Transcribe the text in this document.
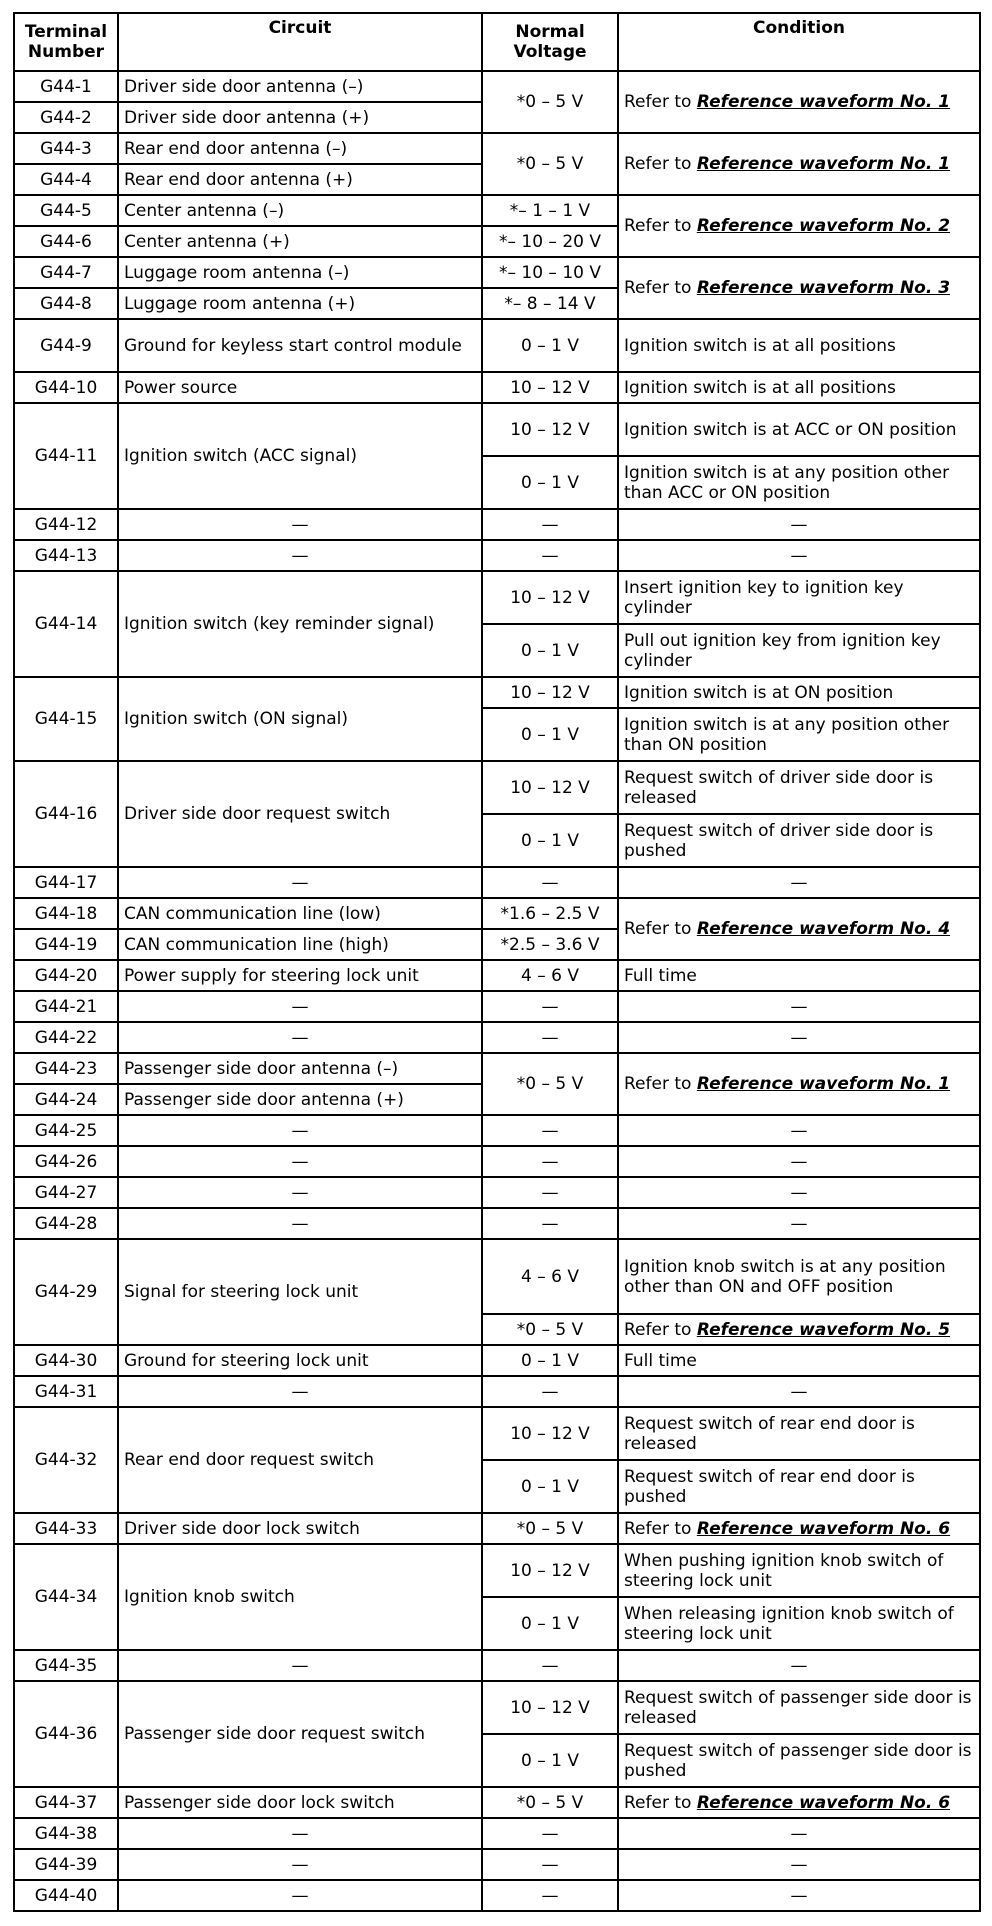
Terminal Number	Circuit	Normal Voltage	Condition
G44-1	Driver side door antenna (–)	*0 – 5 V	Refer to Reference waveform No. 1
G44-2	Driver side door antenna (+)		
G44-3	Rear end door antenna (–)	*0 – 5 V	Refer to Reference waveform No. 1
G44-4	Rear end door antenna (+)		
G44-5	Center antenna (–)	*– 1 – 1 V	Refer to Reference waveform No. 2
G44-6	Center antenna (+)	*– 10 – 20 V	
G44-7	Luggage room antenna (–)	*– 10 – 10 V	Refer to Reference waveform No. 3
G44-8	Luggage room antenna (+)	*– 8 – 14 V	
G44-9	Ground for keyless start control module	0 – 1 V	Ignition switch is at all positions
G44-10	Power source	10 – 12 V	Ignition switch is at all positions
G44-11	Ignition switch (ACC signal)	10 – 12 V	Ignition switch is at ACC or ON position
		0 – 1 V	Ignition switch is at any position other than ACC or ON position
G44-12	—	—	—
G44-13	—	—	—
G44-14	Ignition switch (key reminder signal)	10 – 12 V	Insert ignition key to ignition key cylinder
		0 – 1 V	Pull out ignition key from ignition key cylinder
G44-15	Ignition switch (ON signal)	10 – 12 V	Ignition switch is at ON position
		0 – 1 V	Ignition switch is at any position other than ON position
G44-16	Driver side door request switch	10 – 12 V	Request switch of driver side door is released
		0 – 1 V	Request switch of driver side door is pushed
G44-17	—	—	—
G44-18	CAN communication line (low)	*1.6 – 2.5 V	Refer to Reference waveform No. 4
G44-19	CAN communication line (high)	*2.5 – 3.6 V	
G44-20	Power supply for steering lock unit	4 – 6 V	Full time
G44-21	—	—	—
G44-22	—	—	—
G44-23	Passenger side door antenna (–)	*0 – 5 V	Refer to Reference waveform No. 1
G44-24	Passenger side door antenna (+)		
G44-25	—	—	—
G44-26	—	—	—
G44-27	—	—	—
G44-28	—	—	—
G44-29	Signal for steering lock unit	4 – 6 V	Ignition knob switch is at any position other than ON and OFF position
		*0 – 5 V	Refer to Reference waveform No. 5
G44-30	Ground for steering lock unit	0 – 1 V	Full time
G44-31	—	—	—
G44-32	Rear end door request switch	10 – 12 V	Request switch of rear end door is released
		0 – 1 V	Request switch of rear end door is pushed
G44-33	Driver side door lock switch	*0 – 5 V	Refer to Reference waveform No. 6
G44-34	Ignition knob switch	10 – 12 V	When pushing ignition knob switch of steering lock unit
		0 – 1 V	When releasing ignition knob switch of steering lock unit
G44-35	—	—	—
G44-36	Passenger side door request switch	10 – 12 V	Request switch of passenger side door is released
		0 – 1 V	Request switch of passenger side door is pushed
G44-37	Passenger side door lock switch	*0 – 5 V	Refer to Reference waveform No. 6
G44-38	—	—	—
G44-39	—	—	—
G44-40	—	—	—
